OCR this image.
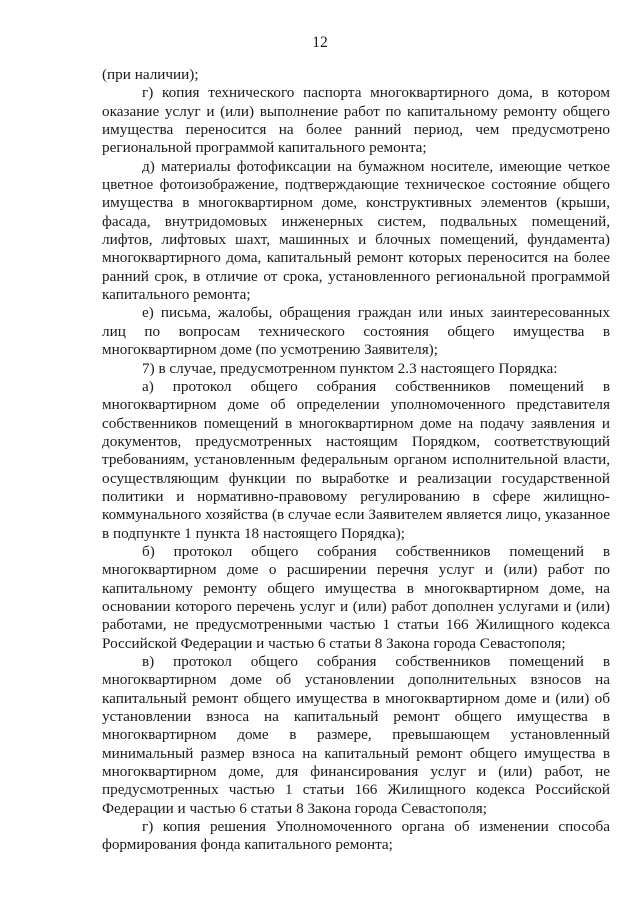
12

(при наличии);

г) копия технического паспорта многоквартирного дома, в котором оказание услуг и (или) выполнение работ по капитальному ремонту общего имущества переносится на более ранний период, чем предусмотрено региональной программой капитального ремонта;

д) материалы фотофиксации на бумажном носителе, имеющие четкое цветное фотоизображение, подтверждающие техническое состояние общего имущества в многоквартирном доме, конструктивных элементов (крыши, фасада, внутридомовых инженерных систем, подвальных помещений, лифтов, лифтовых шахт, машинных и блочных помещений, фундамента) многоквартирного дома, капитальный ремонт которых переносится на более ранний срок, в отличие от срока, установленного региональной программой капитального ремонта;

е) письма, жалобы, обращения граждан или иных заинтересованных лиц по вопросам технического состояния общего имущества в многоквартирном доме (по усмотрению Заявителя);

7) в случае, предусмотренном пунктом 2.3 настоящего Порядка:

а) протокол общего собрания собственников помещений в многоквартирном доме об определении уполномоченного представителя собственников помещений в многоквартирном доме на подачу заявления и документов, предусмотренных настоящим Порядком, соответствующий требованиям, установленным федеральным органом исполнительной власти, осуществляющим функции по выработке и реализации государственной политики и нормативно-правовому регулированию в сфере жилищно-коммунального хозяйства (в случае если Заявителем является лицо, указанное в подпункте 1 пункта 18 настоящего Порядка);

б) протокол общего собрания собственников помещений в многоквартирном доме о расширении перечня услуг и (или) работ по капитальному ремонту общего имущества в многоквартирном доме, на основании которого перечень услуг и (или) работ дополнен услугами и (или) работами, не предусмотренными частью 1 статьи 166 Жилищного кодекса Российской Федерации и частью 6 статьи 8 Закона города Севастополя;

в) протокол общего собрания собственников помещений в многоквартирном доме об установлении дополнительных взносов на капитальный ремонт общего имущества в многоквартирном доме и (или) об установлении взноса на капитальный ремонт общего имущества в многоквартирном доме в размере, превышающем установленный минимальный размер взноса на капитальный ремонт общего имущества в многоквартирном доме, для финансирования услуг и (или) работ, не предусмотренных частью 1 статьи 166 Жилищного кодекса Российской Федерации и частью 6 статьи 8 Закона города Севастополя;

г) копия решения Уполномоченного органа об изменении способа формирования фонда капитального ремонта;
